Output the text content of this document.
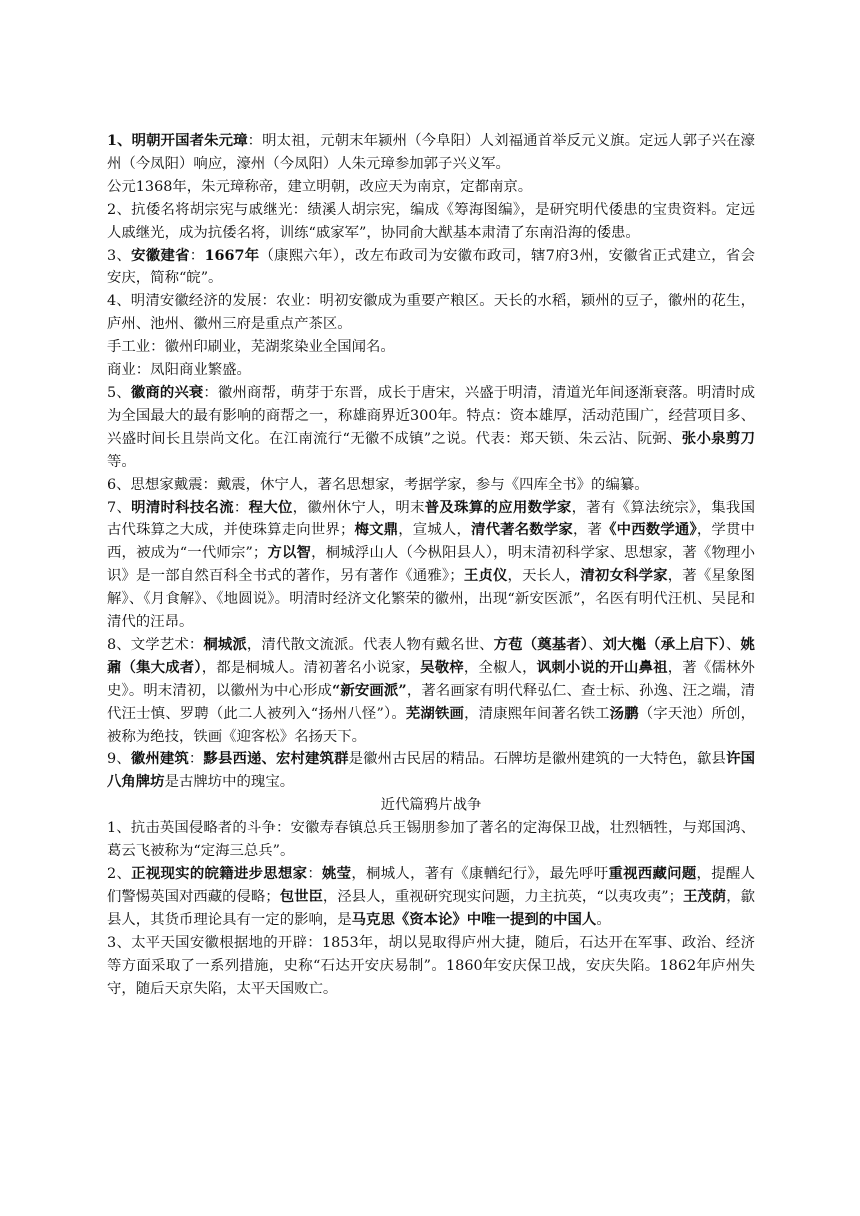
1、明朝开国者朱元璋：明太祖，元朝末年颍州（今阜阳）人刘福通首举反元义旗。定远人郭子兴在濠州（今凤阳）响应，濠州（今凤阳）人朱元璋参加郭子兴义军。

公元1368年，朱元璋称帝，建立明朝，改应天为南京，定都南京。

2、抗倭名将胡宗宪与戚继光：绩溪人胡宗宪，编成《筹海图编》，是研究明代倭患的宝贵资料。定远人戚继光，成为抗倭名将，训练“戚家军”，协同俞大猷基本肃清了东南沿海的倭患。

3、安徽建省：1667年（康熙六年），改左布政司为安徽布政司，辖7府3州，安徽省正式建立，省会安庆，简称“皖”。

4、明清安徽经济的发展：农业：明初安徽成为重要产粮区。天长的水稻，颍州的豆子，徽州的花生，庐州、池州、徽州三府是重点产茶区。

手工业：徽州印刷业，芜湖浆染业全国闻名。

商业：凤阳商业繁盛。

5、徽商的兴衰：徽州商帮，萌芽于东晋，成长于唐宋，兴盛于明清，清道光年间逐渐衰落。明清时成为全国最大的最有影响的商帮之一，称雄商界近300年。特点：资本雄厚，活动范围广，经营项目多、兴盛时间长且崇尚文化。在江南流行“无徽不成镇”之说。代表：郑天锁、朱云沾、阮弼、张小泉剪刀等。

6、思想家戴震：戴震，休宁人，著名思想家，考据学家，参与《四库全书》的编纂。

7、明清时科技名流：程大位，徽州休宁人，明末普及珠算的应用数学家，著有《算法统宗》，集我国古代珠算之大成，并使珠算走向世界；梅文鼎，宣城人，清代著名数学家，著《中西数学通》，学贯中西，被成为“一代师宗”；方以智，桐城浮山人（今枞阳县人），明末清初科学家、思想家，著《物理小识》是一部自然百科全书式的著作，另有著作《通雅》；王贞仪，天长人，清初女科学家，著《星象图解》、《月食解》、《地圆说》。明清时经济文化繁荣的徽州，出现“新安医派”，名医有明代汪机、吴昆和清代的汪昂。

8、文学艺术：桐城派，清代散文流派。代表人物有戴名世、方苞（奠基者）、刘大櫆（承上启下）、姚鼐（集大成者），都是桐城人。清初著名小说家，吴敬梓，全椒人，讽刺小说的开山鼻祖，著《儒林外史》。明末清初，以徽州为中心形成“新安画派”，著名画家有明代释弘仁、查士标、孙逸、汪之端，清代汪士慎、罗聘（此二人被列入“扬州八怪”）。芜湖铁画，清康熙年间著名铁工汤鹏（字天池）所创，被称为绝技，铁画《迎客松》名扬天下。

9、徽州建筑：黟县西递、宏村建筑群是徽州古民居的精品。石牌坊是徽州建筑的一大特色，歙县许国八角牌坊是古牌坊中的瑰宝。

近代篇鸦片战争

1、抗击英国侵略者的斗争：安徽寿春镇总兵王锡朋参加了著名的定海保卫战，壮烈牺牲，与郑国鸿、葛云飞被称为“定海三总兵”。

2、正视现实的皖籍进步思想家：姚莹，桐城人，著有《康輶纪行》，最先呼吁重视西藏问题，提醒人们警惕英国对西藏的侵略；包世臣，泾县人，重视研究现实问题，力主抗英，“以夷攻夷”；王茂荫，歙县人，其货币理论具有一定的影响，是马克思《资本论》中唯一提到的中国人。

3、太平天国安徽根据地的开辟：1853年，胡以晃取得庐州大捷，随后，石达开在军事、政治、经济等方面采取了一系列措施，史称“石达开安庆易制”。1860年安庆保卫战，安庆失陷。1862年庐州失守，随后天京失陷，太平天国败亡。
